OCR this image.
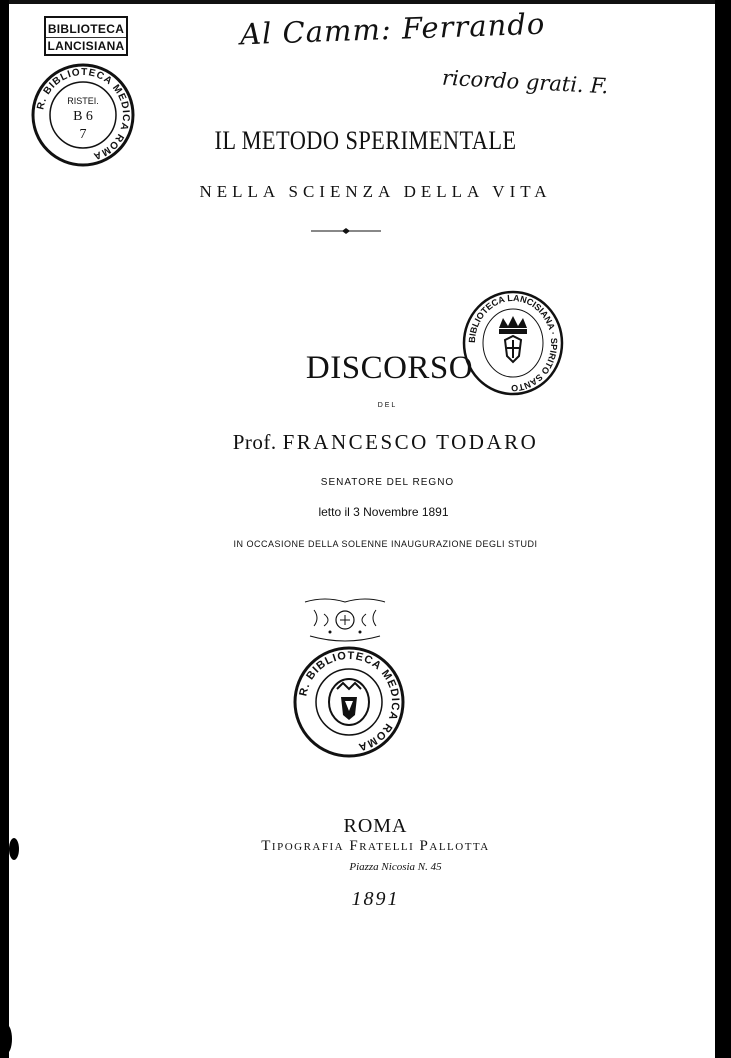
BIBLIOTECA
LANCISIANA
R. BIBLIOTECA MEDICA ROMA
RISTEI.
B 6
7
Al Camm: Ferrando
ricordo grati. F.
IL METODO SPERIMENTALE
NELLA SCIENZA DELLA VITA
BIBLIOTECA LANCISIANA · SPIRITO SANTO
DISCORSO
DEL
Prof. FRANCESCO TODARO
SENATORE DEL REGNO
letto il 3 Novembre 1891
IN OCCASIONE DELLA SOLENNE INAUGURAZIONE DEGLI STUDI
R. BIBLIOTECA MEDICA ROMA
ROMA
Tipografia Fratelli Pallotta
Piazza Nicosia N. 45
1891
